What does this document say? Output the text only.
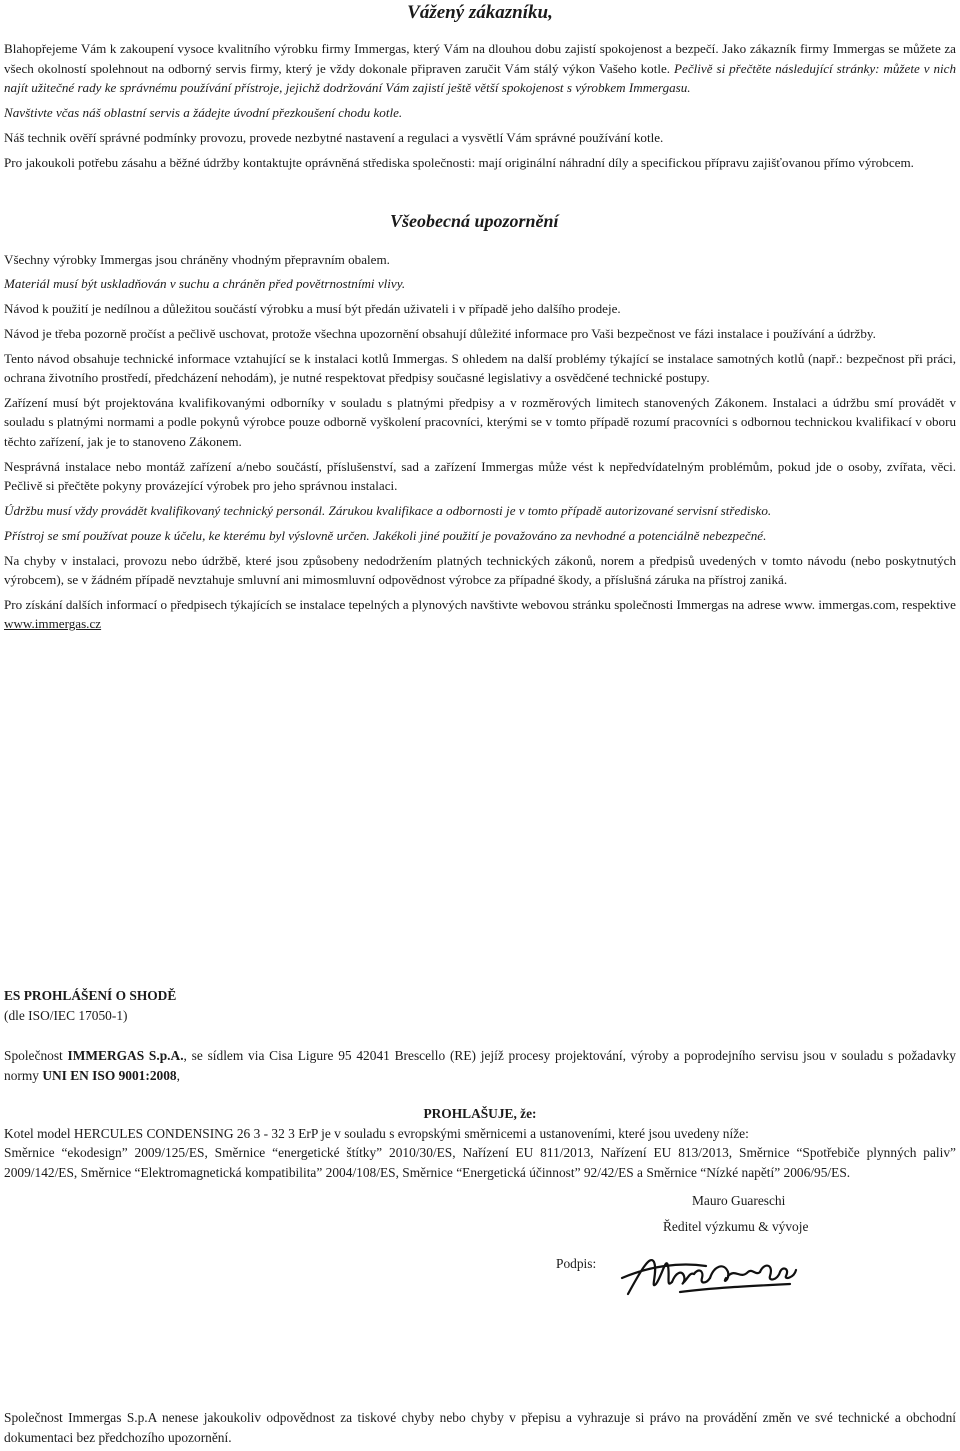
Vážený zákazníku,

Blahopřejeme Vám k zakoupení vysoce kvalitního výrobku firmy Immergas, který Vám na dlouhou dobu zajistí spokojenost a bezpečí. Jako zákazník firmy Immergas se můžete za všech okolností spolehnout na odborný servis firmy, který je vždy dokonale připraven zaručit Vám stálý výkon Vašeho kotle. Pečlivě si přečtěte následující stránky: můžete v nich najít užitečné rady ke správnému používání přístroje, jejichž dodržování Vám zajistí ještě větší spokojenost s výrobkem Immergasu.

Navštivte včas náš oblastní servis a žádejte úvodní přezkoušení chodu kotle.

Náš technik ověří správné podmínky provozu, provede nezbytné nastavení a regulaci a vysvětlí Vám správné používání kotle.

Pro jakoukoli potřebu zásahu a běžné údržby kontaktujte oprávněná střediska společnosti: mají originální náhradní díly a specifickou přípravu zajišťovanou přímo výrobcem.

Všeobecná upozornění

Všechny výrobky Immergas jsou chráněny vhodným přepravním obalem.

Materiál musí být uskladňován v suchu a chráněn před povětrnostními vlivy.

Návod k použití je nedílnou a důležitou součástí výrobku a musí být předán uživateli i v případě jeho dalšího prodeje.

Návod je třeba pozorně pročíst a pečlivě uschovat, protože všechna upozornění obsahují důležité informace pro Vaši bezpečnost ve fázi instalace i používání a údržby.

Tento návod obsahuje technické informace vztahující se k instalaci kotlů Immergas. S ohledem na další problémy týkající se instalace samotných kotlů (např.: bezpečnost při práci, ochrana životního prostředí, předcházení nehodám), je nutné respektovat předpisy současné legislativy a osvědčené technické postupy.

Zařízení musí být projektována kvalifikovanými odborníky v souladu s platnými předpisy a v rozměrových limitech stanovených Zákonem. Instalaci a údržbu smí provádět v souladu s platnými normami a podle pokynů výrobce pouze odborně vyškolení pracovníci, kterými se v tomto případě rozumí pracovníci s odbornou technickou kvalifikací v oboru těchto zařízení, jak je to stanoveno Zákonem.

Nesprávná instalace nebo montáž zařízení a/nebo součástí, příslušenství, sad a zařízení Immergas může vést k nepředvídatelným problémům, pokud jde o osoby, zvířata, věci. Pečlivě si přečtěte pokyny provázející výrobek pro jeho správnou instalaci.

Údržbu musí vždy provádět kvalifikovaný technický personál. Zárukou kvalifikace a odbornosti je v tomto případě autorizované servisní středisko.

Přístroj se smí používat pouze k účelu, ke kterému byl výslovně určen. Jakékoli jiné použití je považováno za nevhodné a potenciálně nebezpečné.

Na chyby v instalaci, provozu nebo údržbě, které jsou způsobeny nedodržením platných technických zákonů, norem a předpisů uvedených v tomto návodu (nebo poskytnutých výrobcem), se v žádném případě nevztahuje smluvní ani mimosmluvní odpovědnost výrobce za případné škody, a příslušná záruka na přístroj zaniká.

Pro získání dalších informací o předpisech týkajících se instalace tepelných a plynových navštivte webovou stránku společnosti Immergas na adrese www. immergas.com, respektive www.immergas.cz

ES PROHLÁŠENÍ O SHODĚ

(dle ISO/IEC 17050-1)

Společnost IMMERGAS S.p.A., se sídlem via Cisa Ligure 95 42041 Brescello (RE) jejíž procesy projektování, výroby a poprodejního servisu jsou v souladu s požadavky normy UNI EN ISO 9001:2008,

PROHLAŠUJE, že:

Kotel model HERCULES CONDENSING 26 3 - 32 3 ErP je v souladu s evropskými směrnicemi a ustanoveními, které jsou uvedeny níže:

Směrnice “ekodesign” 2009/125/ES, Směrnice “energetické štítky” 2010/30/ES, Nařízení EU 811/2013, Nařízení EU 813/2013, Směrnice “Spotřebiče plynných paliv” 2009/142/ES, Směrnice “Elektromagnetická kompatibilita” 2004/108/ES, Směrnice “Energetická účinnost” 92/42/ES a Směrnice “Nízké napětí” 2006/95/ES.

Mauro Guareschi
Ředitel výzkumu & vývoje
Podpis:

Společnost Immergas S.p.A nenese jakoukoliv odpovědnost za tiskové chyby nebo chyby v přepisu a vyhrazuje si právo na provádění změn ve své technické a obchodní dokumentaci bez předchozího upozornění.
